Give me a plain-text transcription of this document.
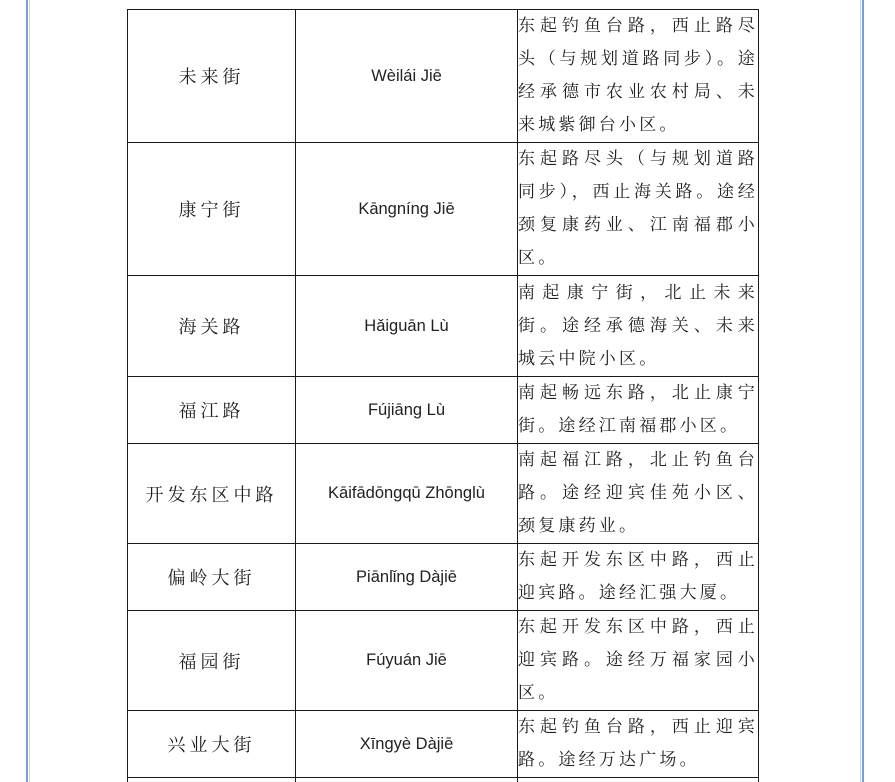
未来街	Wèilái Jiē	东起钓鱼台路，西止路尽头（与规划道路同步）。途经承德市农业农村局、未来城紫御台小区。

康宁街	Kāngníng Jiē	东起路尽头（与规划道路同步），西止海关路。途经颈复康药业、江南福郡小区。

海关路	Hǎiguān Lù	南起康宁街，北止未来街。途经承德海关、未来城云中院小区。

福江路	Fújiāng Lù	南起畅远东路，北止康宁街。途经江南福郡小区。

开发东区中路	Kāifādōngqū Zhōnglù	南起福江路，北止钓鱼台路。途经迎宾佳苑小区、颈复康药业。

偏岭大街	Piānlǐng Dàjiē	东起开发东区中路，西止迎宾路。途经汇强大厦。

福园街	Fúyuán Jiē	东起开发东区中路，西止迎宾路。途经万福家园小区。

兴业大街	Xīngyè Dàjiē	东起钓鱼台路，西止迎宾路。途经万达广场。
